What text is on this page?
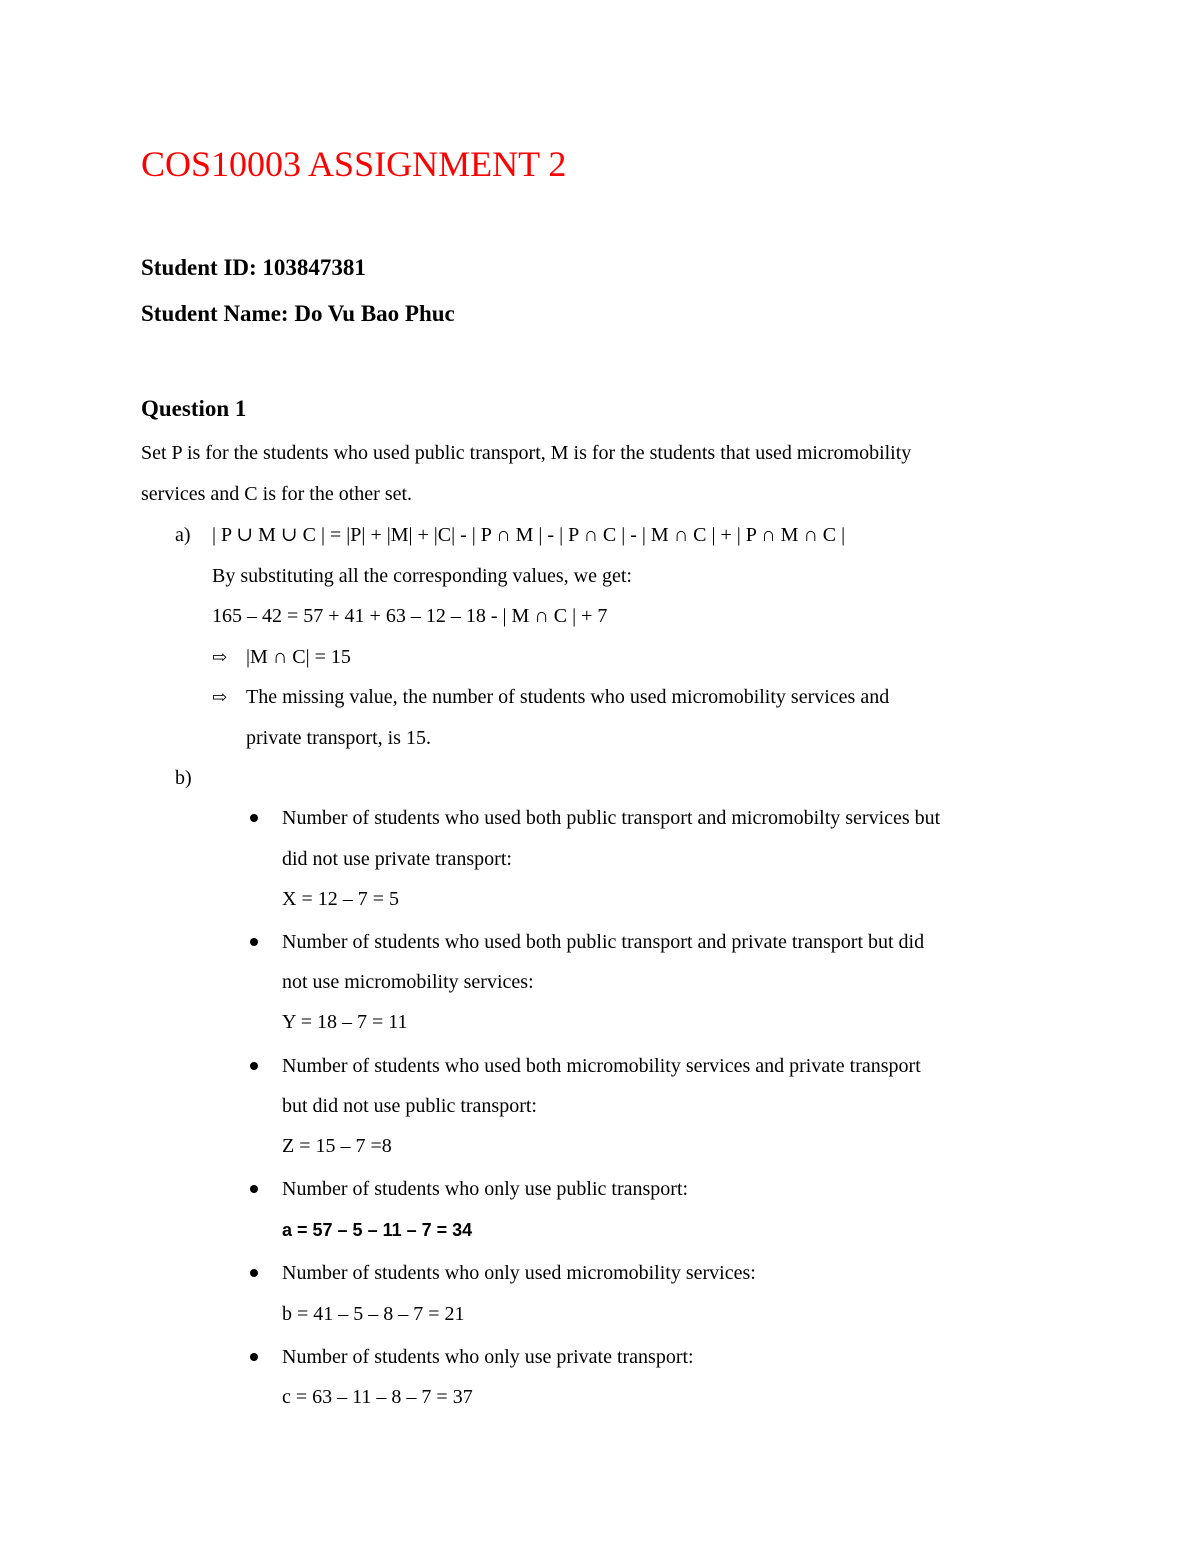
COS10003 ASSIGNMENT 2
Student ID: 103847381
Student Name: Do Vu Bao Phuc
Question 1
Set P is for the students who used public transport, M is for the students that used micromobility
services and C is for the other set.
a) | P ∪ M ∪ C | = |P| + |M| + |C| - | P ∩ M | - | P ∩ C | - | M ∩ C | + | P ∩ M ∩ C |
By substituting all the corresponding values, we get:
165 – 42 = 57 + 41 + 63 – 12 – 18 - | M ∩ C | + 7
⇨ |M ∩ C| = 15
⇨ The missing value, the number of students who used micromobility services and
private transport, is 15.
b)
Number of students who used both public transport and micromobilty services but
did not use private transport:
X = 12 – 7 = 5
Number of students who used both public transport and private transport but did
not use micromobility services:
Y = 18 – 7 = 11
Number of students who used both micromobility services and private transport
but did not use public transport:
Z = 15 – 7 =8
Number of students who only use public transport:
a = 57 – 5 – 11 – 7 = 34
Number of students who only used micromobility services:
b = 41 – 5 – 8 – 7 = 21
Number of students who only use private transport:
c = 63 – 11 – 8 – 7 = 37
